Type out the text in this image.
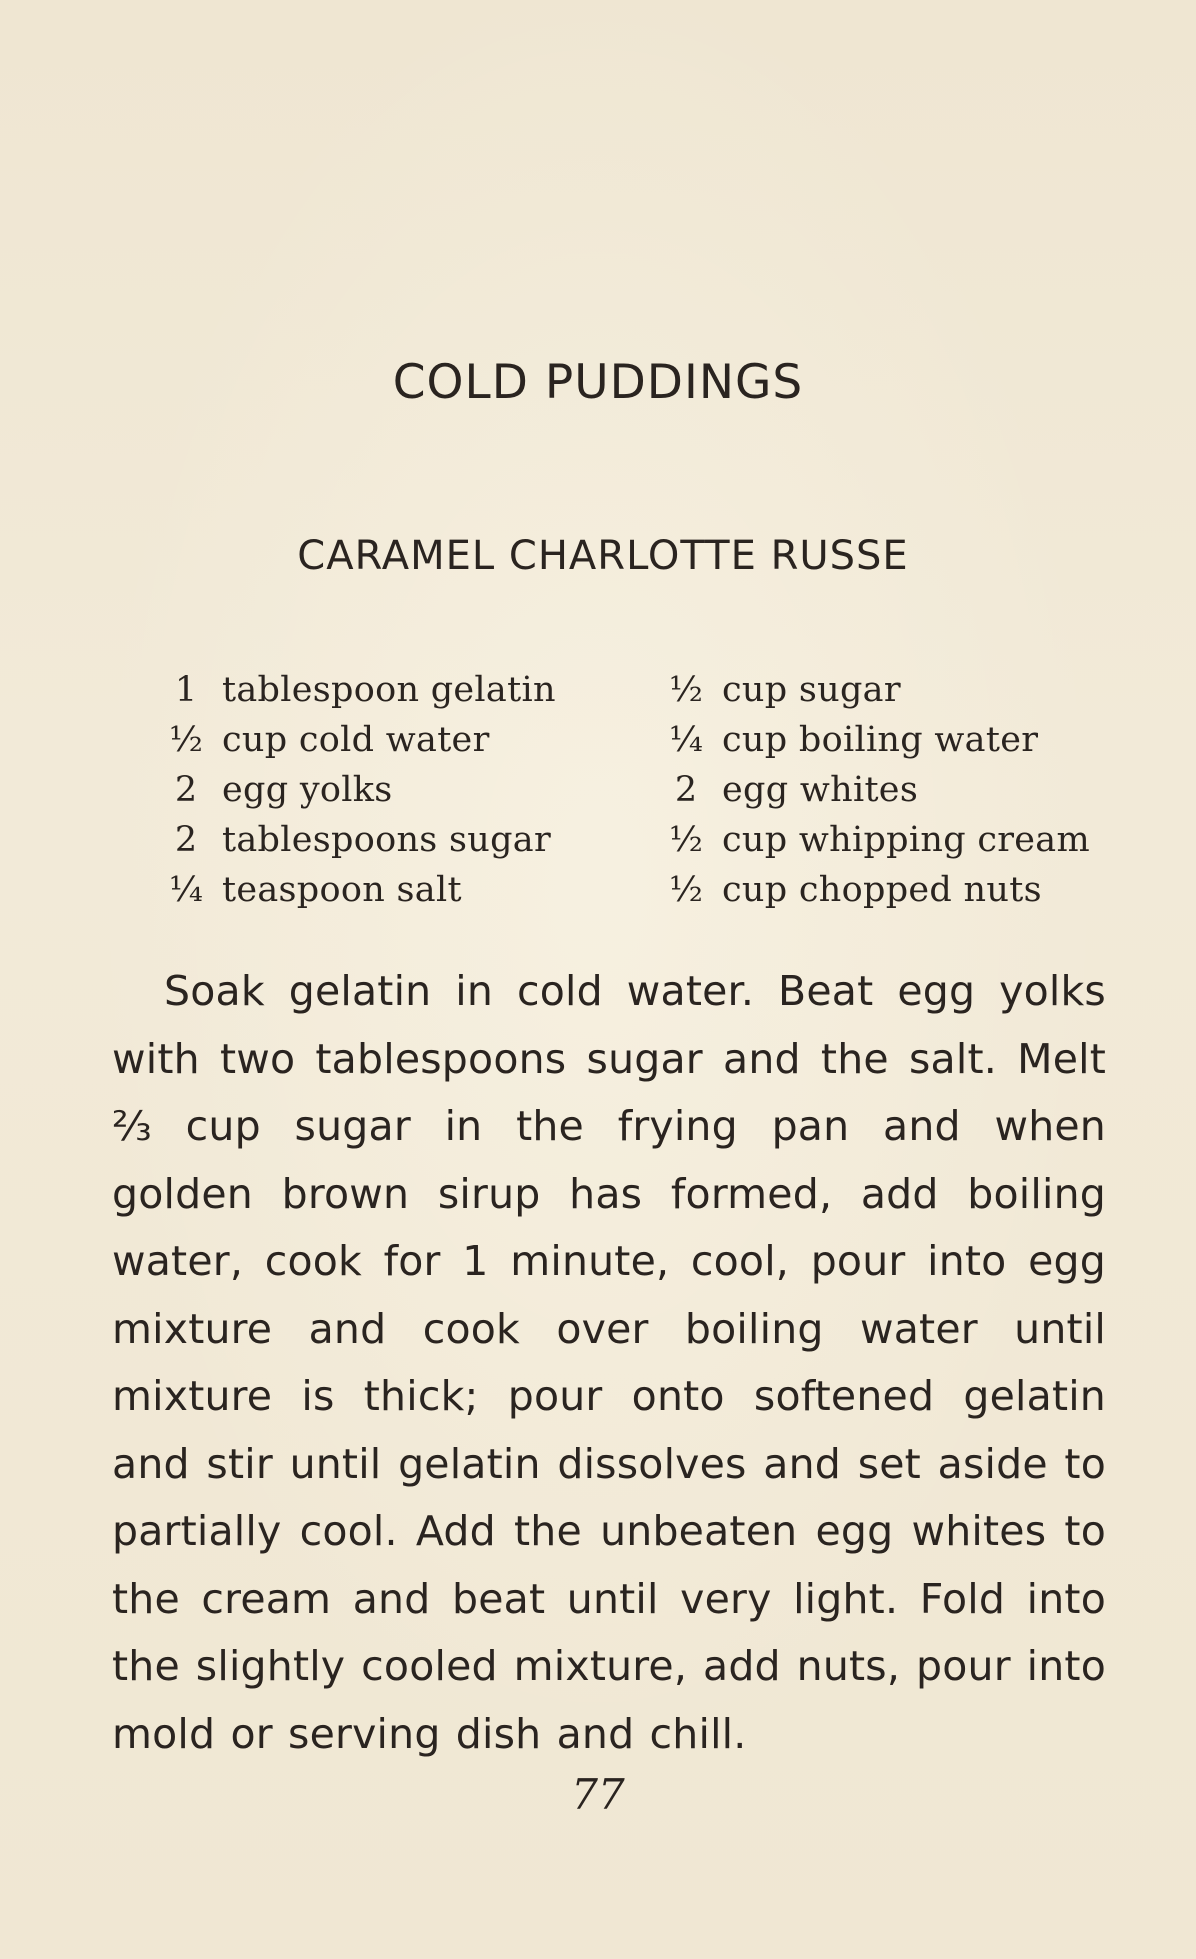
COLD PUDDINGS
CARAMEL CHARLOTTE RUSSE
1 tablespoon gelatin
½ cup cold water
2 egg yolks
2 tablespoons sugar
¼ teaspoon salt
½ cup sugar
¼ cup boiling water
2 egg whites
½ cup whipping cream
½ cup chopped nuts

Soak gelatin in cold water. Beat egg yolks with two tablespoons sugar and the salt. Melt ⅔ cup sugar in the frying pan and when golden brown sirup has formed, add boiling water, cook for 1 minute, cool, pour into egg mixture and cook over boiling water until mixture is thick; pour onto softened gelatin and stir until gelatin dissolves and set aside to partially cool. Add the unbeaten egg whites to the cream and beat until very light. Fold into the slightly cooled mixture, add nuts, pour into mold or serving dish and chill.

77
